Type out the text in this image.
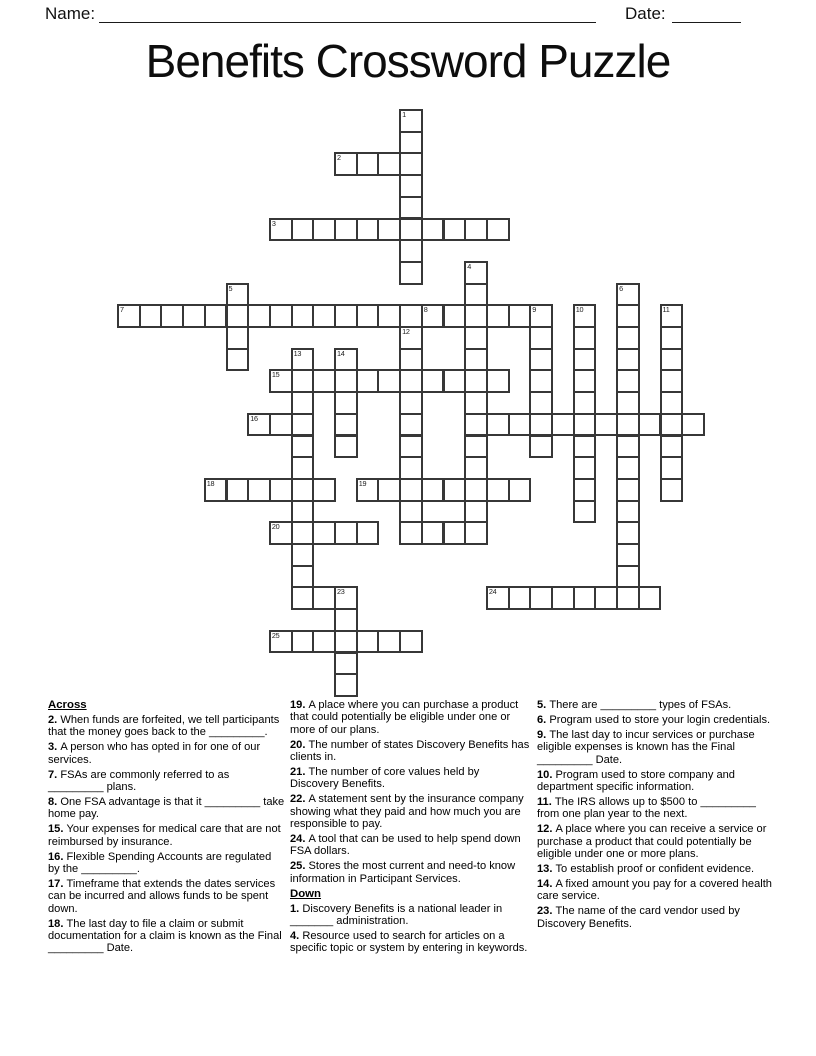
Name:	Date:
Benefits Crossword Puzzle
2
3
7	8
15
16
18	19
20
24
25
1
4
5	6
9	10	11
12
13	14
23
Across
2. When funds are forfeited, we tell participants that the money goes back to the _________.
3. A person who has opted in for one of our services.
7. FSAs are commonly referred to as _________ plans.
8. One FSA advantage is that it _________ take home pay.
15. Your expenses for medical care that are not reimbursed by insurance.
16. Flexible Spending Accounts are regulated by the _________.
17. Timeframe that extends the dates services can be incurred and allows funds to be spent down.
18. The last day to file a claim or submit documentation for a claim is known as the Final _________ Date.
19. A place where you can purchase a product that could potentially be eligible under one or more of our plans.
20. The number of states Discovery Benefits has clients in.
21. The number of core values held by Discovery Benefits.
22. A statement sent by the insurance company showing what they paid and how much you are responsible to pay.
24. A tool that can be used to help spend down FSA dollars.
25. Stores the most current and need-to know information in Participant Services.
Down
1. Discovery Benefits is a national leader in _______ administration.
4. Resource used to search for articles on a specific topic or system by entering in keywords.
5. There are _________ types of FSAs.
6. Program used to store your login credentials.
9. The last day to incur services or purchase eligible expenses is known has the Final _________ Date.
10. Program used to store company and department specific information.
11. The IRS allows up to $500 to _________ from one plan year to the next.
12. A place where you can receive a service or purchase a product that could potentially be eligible under one or more plans.
13. To establish proof or confident evidence.
14. A fixed amount you pay for a covered health care service.
23. The name of the card vendor used by Discovery Benefits.
